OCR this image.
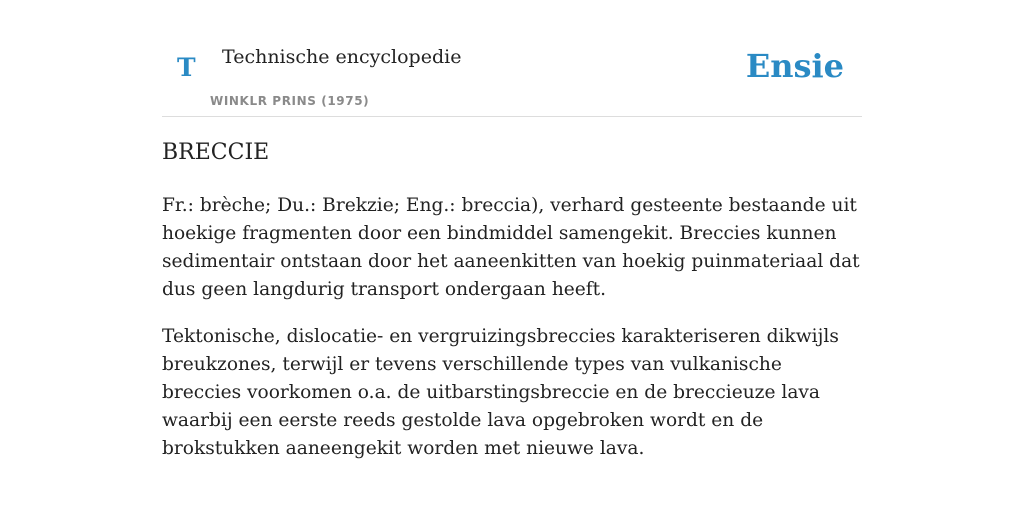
T Technische encyclopedie
WINKLR PRINS (1975)
Ensie
BRECCIE

Fr.: brèche; Du.: Brekzie; Eng.: breccia), verhard gesteente bestaande uit hoekige fragmenten door een bindmiddel samengekit. Breccies kunnen sedimentair ontstaan door het aaneenkitten van hoekig puinmateriaal dat dus geen langdurig transport ondergaan heeft.

Tektonische, dislocatie- en vergruizingsbreccies karakteriseren dikwijls breukzones, terwijl er tevens verschillende types van vulkanische breccies voorkomen o.a. de uitbarstingsbreccie en de breccieuze lava waarbij een eerste reeds gestolde lava opgebroken wordt en de brokstukken aaneengekit worden met nieuwe lava.
